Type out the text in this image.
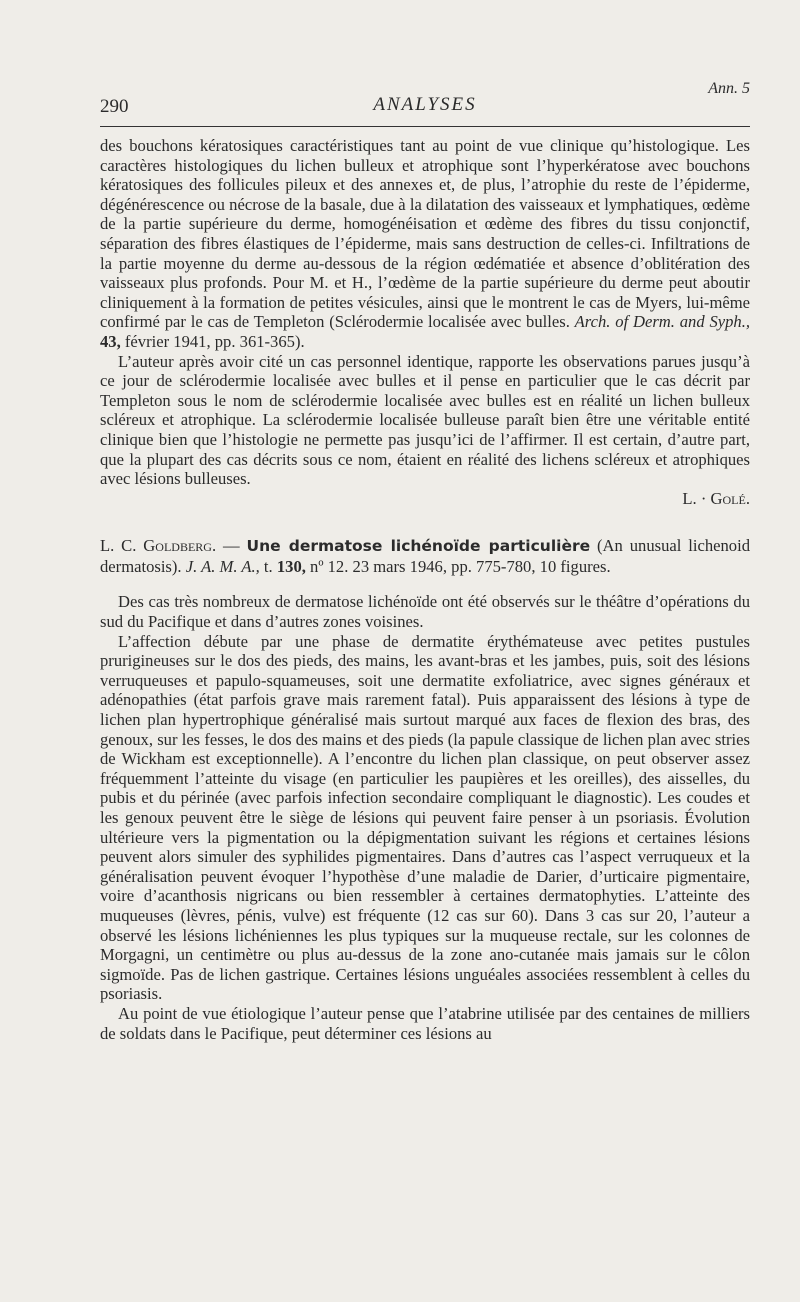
290	ANALYSES
Ann. 5

des bouchons kératosiques caractéristiques tant au point de vue clinique qu’histologique. Les caractères histologiques du lichen bulleux et atrophique sont l’hyperkératose avec bouchons kératosiques des follicules pileux et des annexes et, de plus, l’atrophie du reste de l’épiderme, dégénérescence ou nécrose de la basale, due à la dilatation des vaisseaux et lymphatiques, œdème de la partie supérieure du derme, homogénéisation et œdème des fibres du tissu conjonctif, séparation des fibres élastiques de l’épiderme, mais sans destruction de celles-ci. Infiltrations de la partie moyenne du derme au-dessous de la région œdématiée et absence d’oblitération des vaisseaux plus profonds. Pour M. et H., l’œdème de la partie supérieure du derme peut aboutir cliniquement à la formation de petites vésicules, ainsi que le montrent le cas de Myers, lui-même confirmé par le cas de Templeton (Sclérodermie localisée avec bulles. Arch. of Derm. and Syph., 43, février 1941, pp. 361-365).

L’auteur après avoir cité un cas personnel identique, rapporte les observations parues jusqu’à ce jour de sclérodermie localisée avec bulles et il pense en particulier que le cas décrit par Templeton sous le nom de sclérodermie localisée avec bulles est en réalité un lichen bulleux scléreux et atrophique. La sclérodermie localisée bulleuse paraît bien être une véritable entité clinique bien que l’histologie ne permette pas jusqu’ici de l’affirmer. Il est certain, d’autre part, que la plupart des cas décrits sous ce nom, étaient en réalité des lichens scléreux et atrophiques avec lésions bulleuses.

L. · Golé.

L. C. Goldberg. — Une dermatose lichénoïde particulière (An unusual lichenoid dermatosis). J. A. M. A., t. 130, nº 12. 23 mars 1946, pp. 775-780, 10 figures.

Des cas très nombreux de dermatose lichénoïde ont été observés sur le théâtre d’opérations du sud du Pacifique et dans d’autres zones voisines.

L’affection débute par une phase de dermatite érythémateuse avec petites pustules prurigineuses sur le dos des pieds, des mains, les avant-bras et les jambes, puis, soit des lésions verruqueuses et papulo-squameuses, soit une dermatite exfoliatrice, avec signes généraux et adénopathies (état parfois grave mais rarement fatal). Puis apparaissent des lésions à type de lichen plan hypertrophique généralisé mais surtout marqué aux faces de flexion des bras, des genoux, sur les fesses, le dos des mains et des pieds (la papule classique de lichen plan avec stries de Wickham est exceptionnelle). A l’encontre du lichen plan classique, on peut observer assez fréquemment l’atteinte du visage (en particulier les paupières et les oreilles), des aisselles, du pubis et du périnée (avec parfois infection secondaire compliquant le diagnostic). Les coudes et les genoux peuvent être le siège de lésions qui peuvent faire penser à un psoriasis. Évolution ultérieure vers la pigmentation ou la dépigmentation suivant les régions et certaines lésions peuvent alors simuler des syphilides pigmentaires. Dans d’autres cas l’aspect verruqueux et la généralisation peuvent évoquer l’hypothèse d’une maladie de Darier, d’urticaire pigmentaire, voire d’acanthosis nigricans ou bien ressembler à certaines dermatophyties. L’atteinte des muqueuses (lèvres, pénis, vulve) est fréquente (12 cas sur 60). Dans 3 cas sur 20, l’auteur a observé les lésions lichéniennes les plus typiques sur la muqueuse rectale, sur les colonnes de Morgagni, un centimètre ou plus au-dessus de la zone ano-cutanée mais jamais sur le côlon sigmoïde. Pas de lichen gastrique. Certaines lésions unguéales associées ressemblent à celles du psoriasis.

Au point de vue étiologique l’auteur pense que l’atabrine utilisée par des centaines de milliers de soldats dans le Pacifique, peut déterminer ces lésions au
